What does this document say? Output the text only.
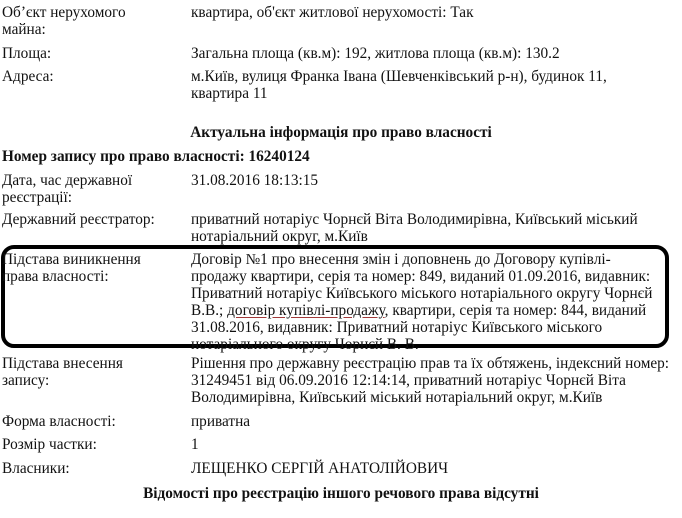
Об’єкт нерухомого майна:
квартира, об'єкт житлової нерухомості: Так
Площа:	Загальна площа (кв.м): 192, житлова площа (кв.м): 130.2
Адреса:	м.Київ, вулиця Франка Івана (Шевченківський р-н), будинок 11, квартира 11
Актуальна інформація про право власності
Номер запису про право власності: 16240124
Дата, час державної реєстрації:
31.08.2016 18:13:15
Державний реєстратор:	приватний нотаріус Чорнєй Віта Володимирівна, Київський міський нотаріальний округ, м.Київ
Підстава виникнення права власності:
Договір №1 про внесення змін і доповнень до Договору купівлі-продажу квартири, серія та номер: 849, виданий 01.09.2016, видавник: Приватний нотаріус Київського міського нотаріального округу Чорнєй В.В.; договір купівлі-продажу, квартири, серія та номер: 844, виданий 31.08.2016, видавник: Приватний нотаріус Київського міського нотаріального округу Чорнєй В. В.
Підстава внесення запису:
Рішення про державну реєстрацію прав та їх обтяжень, індексний номер: 31249451 від 06.09.2016 12:14:14, приватний нотаріус Чорнєй Віта Володимирівна, Київський міський нотаріальний округ, м.Київ
Форма власності:	приватна
Розмір частки:	1
Власники:	ЛЕЩЕНКО СЕРГІЙ АНАТОЛІЙОВИЧ
Відомості про реєстрацію іншого речового права відсутні
